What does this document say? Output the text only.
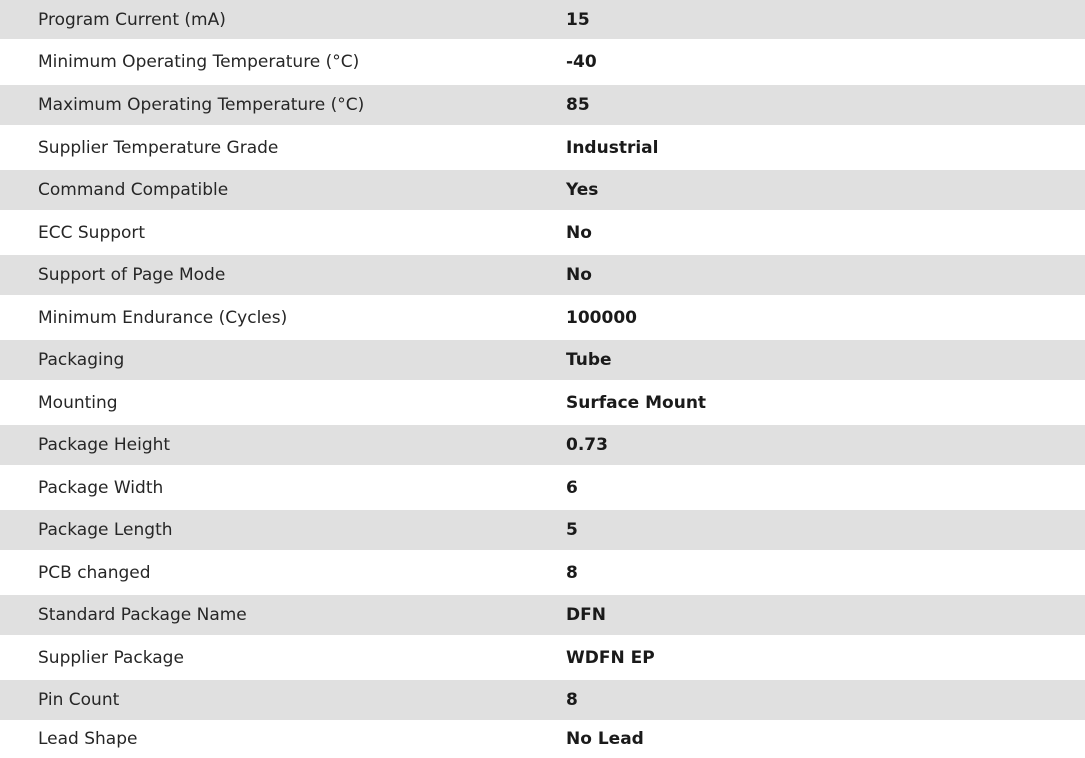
Program Current (mA)	15
Minimum Operating Temperature (°C)	-40
Maximum Operating Temperature (°C)	85
Supplier Temperature Grade	Industrial
Command Compatible	Yes
ECC Support	No
Support of Page Mode	No
Minimum Endurance (Cycles)	100000
Packaging	Tube
Mounting	Surface Mount
Package Height	0.73
Package Width	6
Package Length	5
PCB changed	8
Standard Package Name	DFN
Supplier Package	WDFN EP
Pin Count	8
Lead Shape	No Lead
